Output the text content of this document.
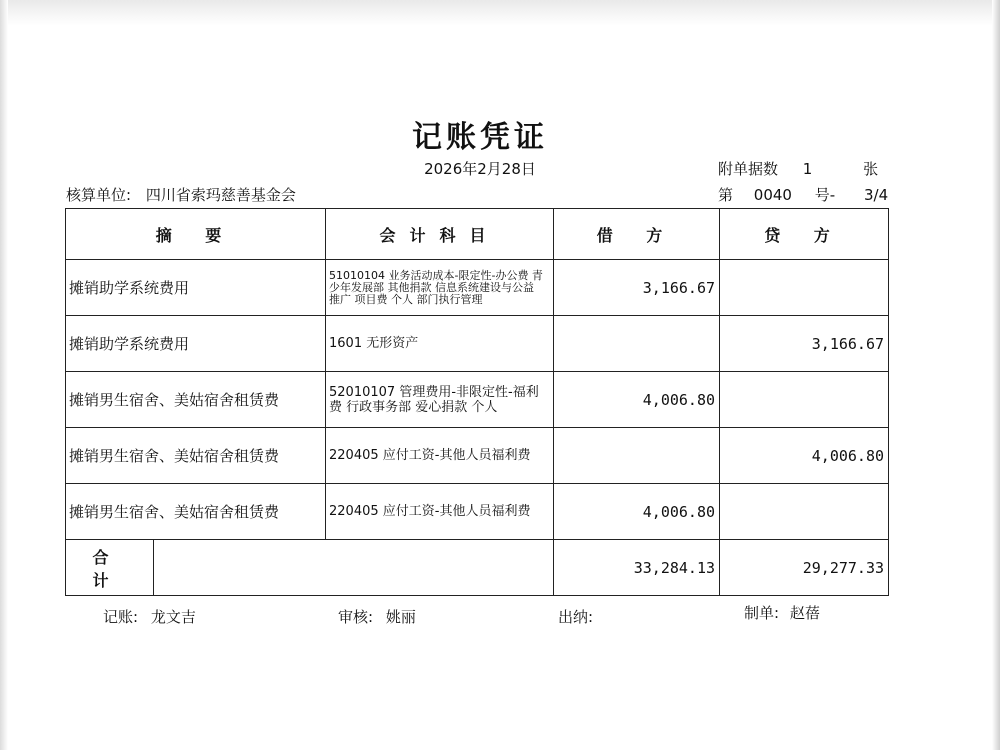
记账凭证
2026年2月28日	附单据数 1	张
核算单位: 四川省索玛慈善基金会	第 0040 号- 3/4
摘 要		会计科目	借 方	贷 方
摊销助学系统费用		51010104 业务活动成本-限定性-办公费 青少年发展部 其他捐款 信息系统建设与公益推广 项目费 个人 部门执行管理	3,166.67	
摊销助学系统费用		1601 无形资产		3,166.67
摊销男生宿舍、美姑宿舍租赁费		52010107 管理费用-非限定性-福利费 行政事务部 爱心捐款 个人	4,006.80	
摊销男生宿舍、美姑宿舍租赁费		220405 应付工资-其他人员福利费		4,006.80
摊销男生宿舍、美姑宿舍租赁费		220405 应付工资-其他人员福利费	4,006.80	
合 计			33,284.13	29,277.33
记账: 龙文吉	审核: 姚丽	出纳:	制单: 赵蓓
